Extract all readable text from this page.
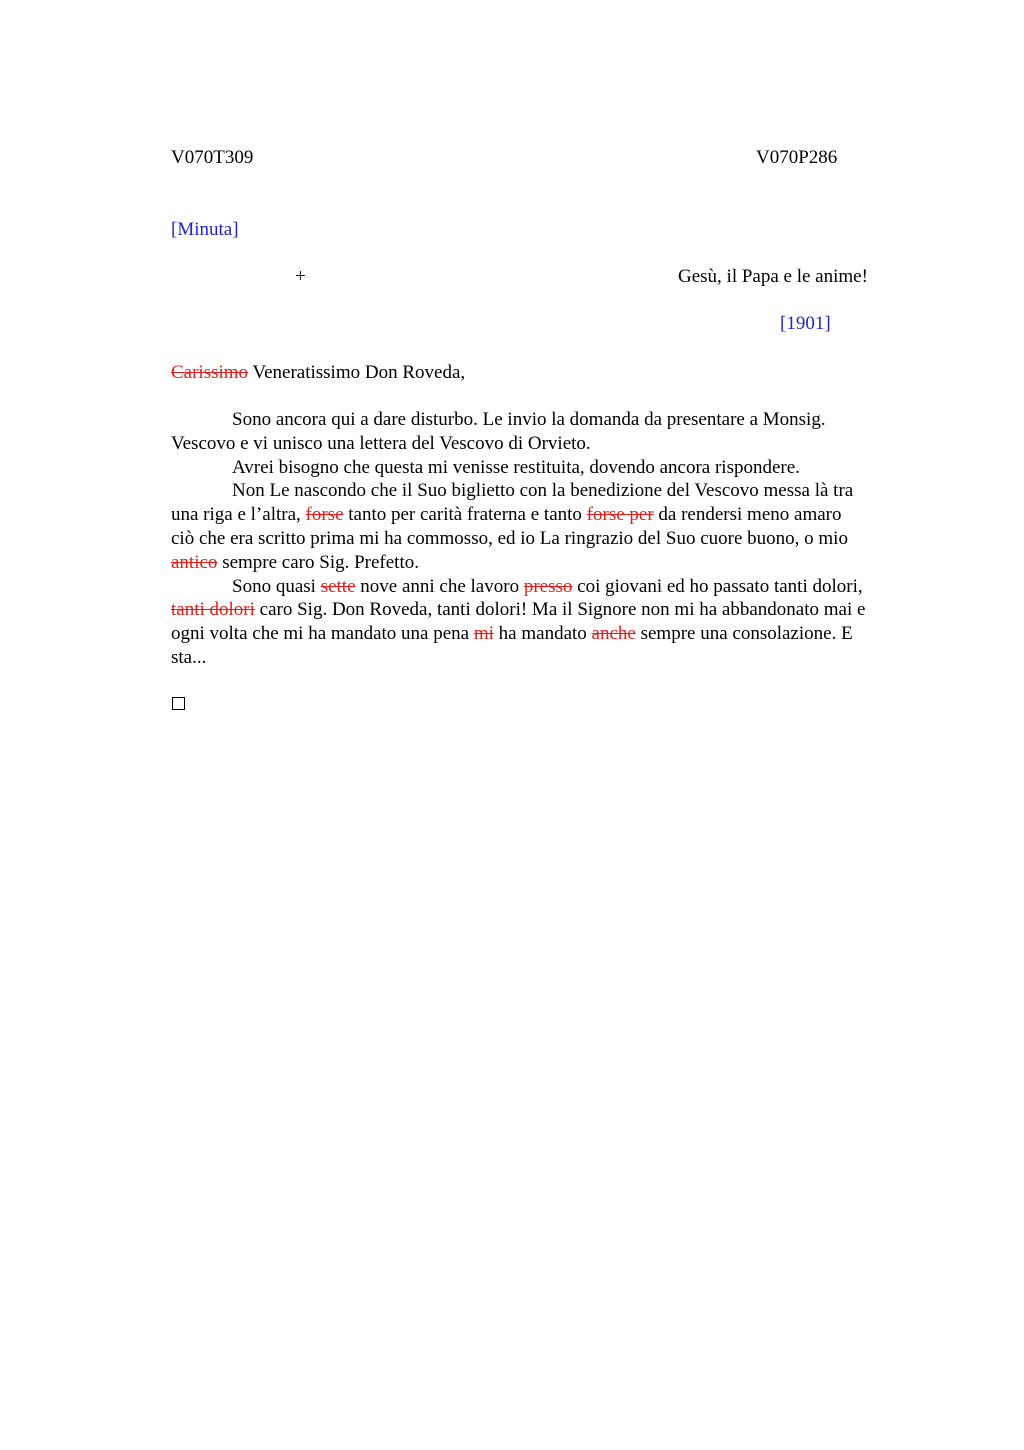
V070T309	V070P286
[Minuta]
+	Gesù, il Papa e le anime!
[1901]
Carissimo Veneratissimo Don Roveda,

Sono ancora qui a dare disturbo. Le invio la domanda da presentare a Monsig.
Vescovo e vi unisco una lettera del Vescovo di Orvieto.

Avrei bisogno che questa mi venisse restituita, dovendo ancora rispondere.

Non Le nascondo che il Suo biglietto con la benedizione del Vescovo messa là tra
una riga e l’altra, forse tanto per carità fraterna e tanto forse per da rendersi meno amaro
ciò che era scritto prima mi ha commosso, ed io La ringrazio del Suo cuore buono, o mio
antico sempre caro Sig. Prefetto.

Sono quasi sette nove anni che lavoro presso coi giovani ed ho passato tanti dolori,
tanti dolori caro Sig. Don Roveda, tanti dolori! Ma il Signore non mi ha abbandonato mai e
ogni volta che mi ha mandato una pena mi ha mandato anche sempre una consolazione. E
sta...
